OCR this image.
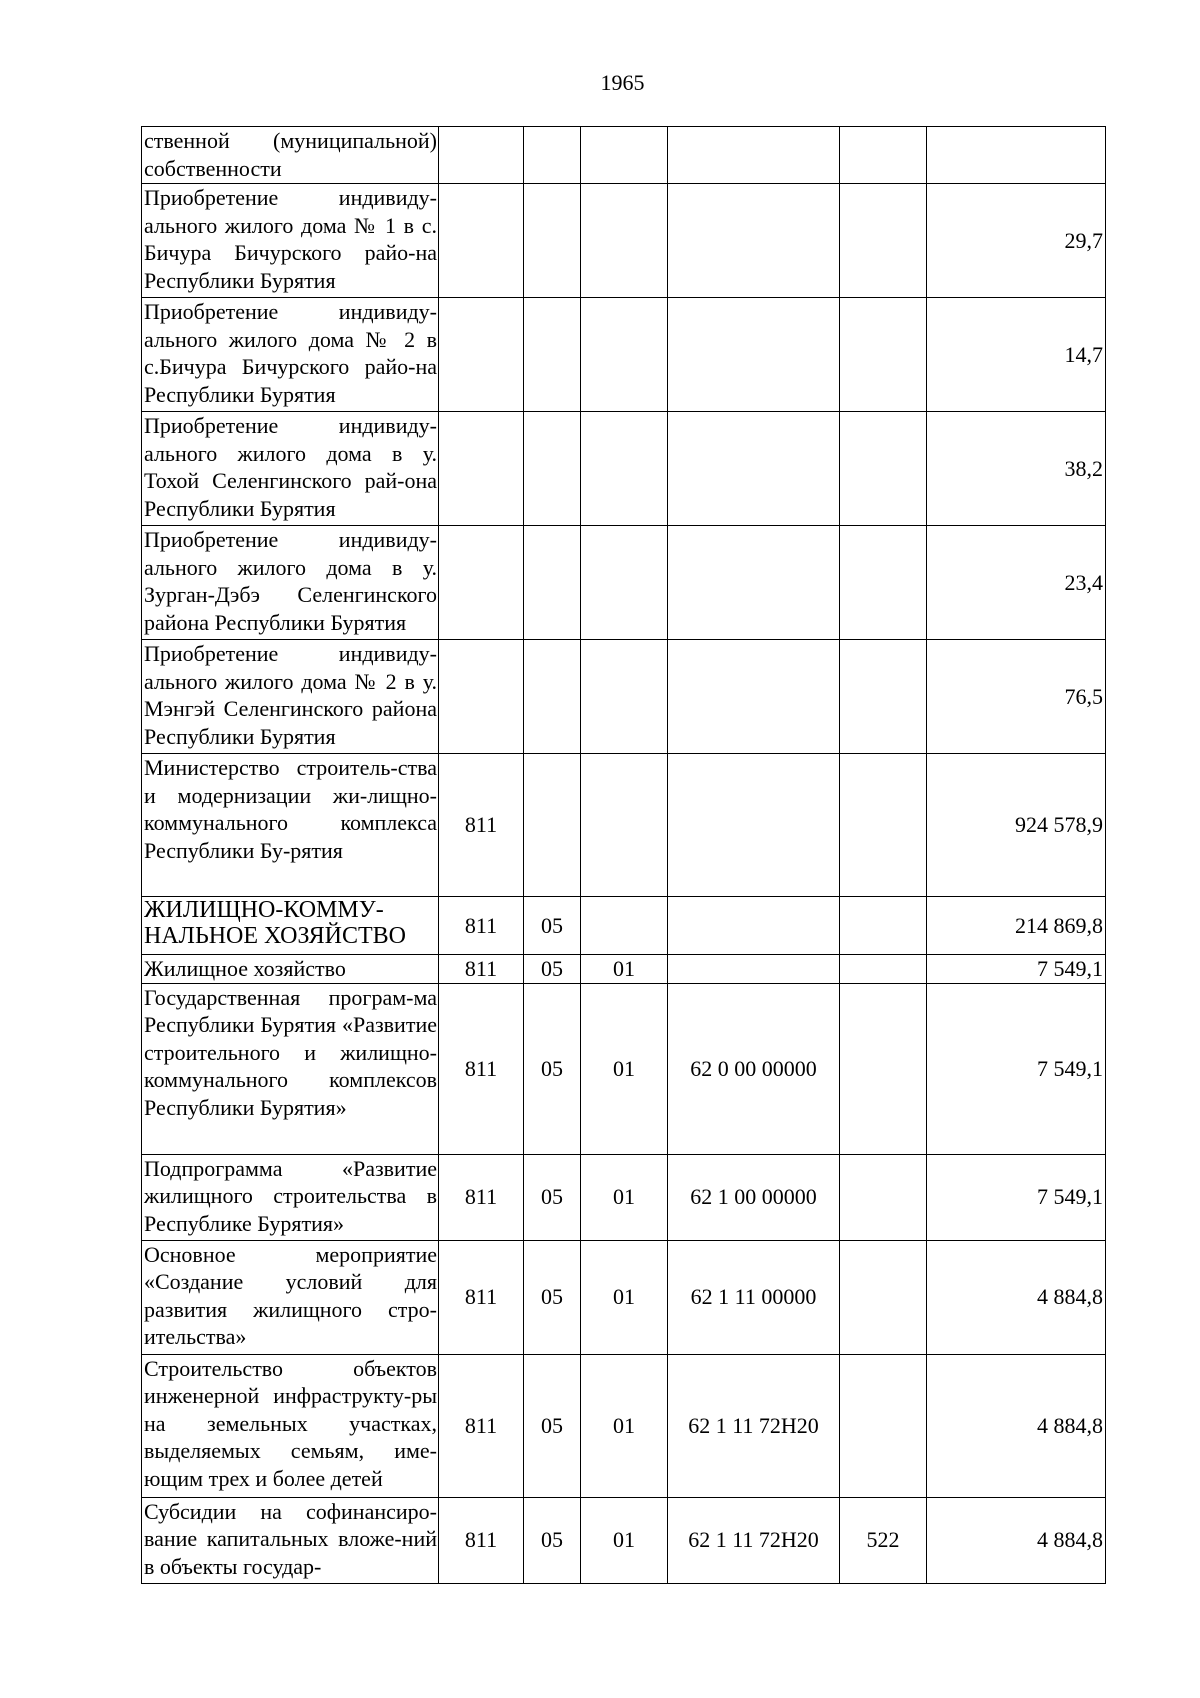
1965
ственной (муниципальной) собственности						
Приобретение индивиду-ального жилого дома № 1 в с. Бичура Бичурского райо-на Республики Бурятия						29,7
Приобретение индивиду-ального жилого дома № 2 в с.Бичура Бичурского райо-на Республики Бурятия						14,7
Приобретение индивиду-ального жилого дома в у. Тохой Селенгинского рай-она Республики Бурятия						38,2
Приобретение индивиду-ального жилого дома в у. Зурган-Дэбэ Селенгинского района Республики Бурятия						23,4
Приобретение индивиду-ального жилого дома № 2 в у. Мэнгэй Селенгинского района Республики Бурятия						76,5
Министерство строитель-ства и модернизации жи-лищно-коммунального комплекса Республики Бу-рятия	811					924 578,9
ЖИЛИЩНО-КОММУ-НАЛЬНОЕ ХОЗЯЙСТВО	811	05				214 869,8
Жилищное хозяйство	811	05	01			7 549,1
Государственная програм-ма Республики Бурятия «Развитие строительного и жилищно-коммунального комплексов Республики Бурятия»	811	05	01	62 0 00 00000		7 549,1
Подпрограмма «Развитие жилищного строительства в Республике Бурятия»	811	05	01	62 1 00 00000		7 549,1
Основное мероприятие «Создание условий для развития жилищного стро-ительства»	811	05	01	62 1 11 00000		4 884,8
Строительство объектов инженерной инфраструкту-ры на земельных участках, выделяемых семьям, име-ющим трех и более детей	811	05	01	62 1 11 72Н20		4 884,8
Субсидии на софинансиро-вание капитальных вложе-ний в объекты государ-	811	05	01	62 1 11 72Н20	522	4 884,8
